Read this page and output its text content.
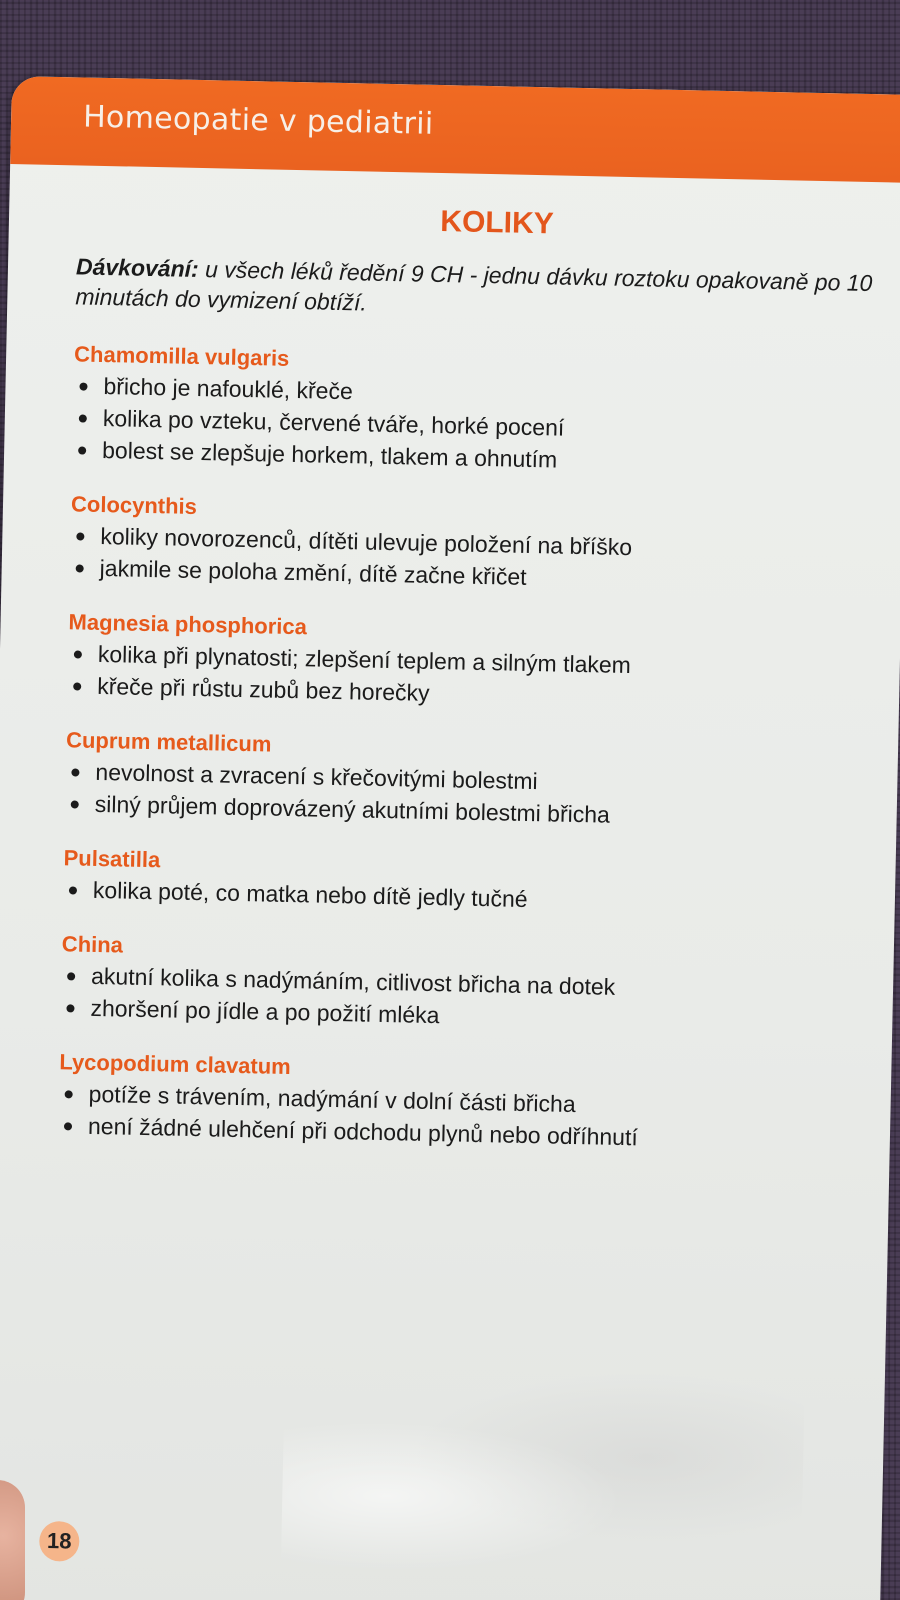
Homeopatie v pediatrii
KOLIKY

Dávkování: u všech léků ředění 9 CH - jednu dávku roztoku opakovaně po 10 minutách do vymizení obtíží.

Chamomilla vulgaris
břicho je nafouklé, křeče
kolika po vzteku, červené tváře, horké pocení
bolest se zlepšuje horkem, tlakem a ohnutím
Colocynthis
koliky novorozenců, dítěti ulevuje položení na bříško
jakmile se poloha změní, dítě začne křičet
Magnesia phosphorica
kolika při plynatosti; zlepšení teplem a silným tlakem
křeče při růstu zubů bez horečky
Cuprum metallicum
nevolnost a zvracení s křečovitými bolestmi
silný průjem doprovázený akutními bolestmi břicha
Pulsatilla
kolika poté, co matka nebo dítě jedly tučné
China
akutní kolika s nadýmáním, citlivost břicha na dotek
zhoršení po jídle a po požití mléka
Lycopodium clavatum
potíže s trávením, nadýmání v dolní části břicha
není žádné ulehčení při odchodu plynů nebo odříhnutí
18
